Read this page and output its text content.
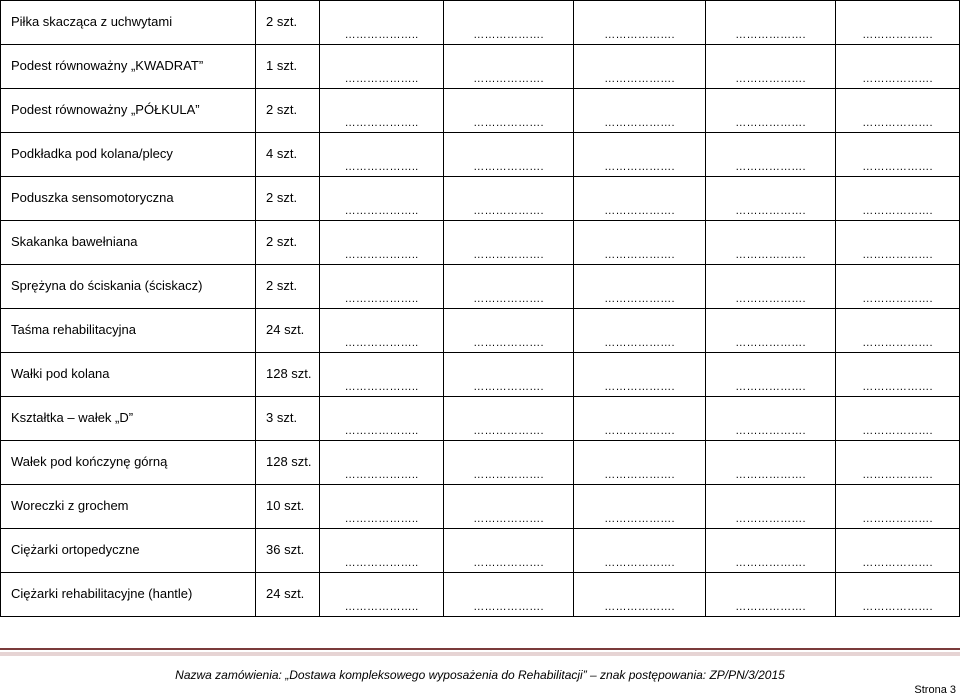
Piłka skacząca z uchwytami	2 szt.	………………..	……………….	……………….	……………….	……………….

Podest równoważny „KWADRAT”	1 szt.	………………..	……………….	……………….	……………….	……………….

Podest równoważny „PÓŁKULA”	2 szt.	………………..	……………….	……………….	……………….	……………….

Podkładka pod kolana/plecy	4 szt.	………………..	……………….	……………….	……………….	……………….

Poduszka sensomotoryczna	2 szt.	………………..	……………….	……………….	……………….	……………….

Skakanka bawełniana	2 szt.	………………..	……………….	……………….	……………….	……………….

Sprężyna do ściskania (ściskacz)	2 szt.	………………..	……………….	……………….	……………….	……………….

Taśma rehabilitacyjna	24 szt.	………………..	……………….	……………….	……………….	……………….

Wałki pod kolana	128 szt.	………………..	……………….	……………….	……………….	……………….

Kształtka – wałek „D”	3 szt.	………………..	……………….	……………….	……………….	……………….

Wałek pod kończynę górną	128 szt.	………………..	……………….	……………….	……………….	……………….

Woreczki z grochem	10 szt.	………………..	……………….	……………….	……………….	……………….

Ciężarki ortopedyczne	36 szt.	………………..	……………….	……………….	……………….	……………….

Ciężarki rehabilitacyjne (hantle)	24 szt.	………………..	……………….	……………….	……………….	……………….
Nazwa zamówienia: „Dostawa kompleksowego wyposażenia do Rehabilitacji” – znak postępowania: ZP/PN/3/2015
Strona 3
